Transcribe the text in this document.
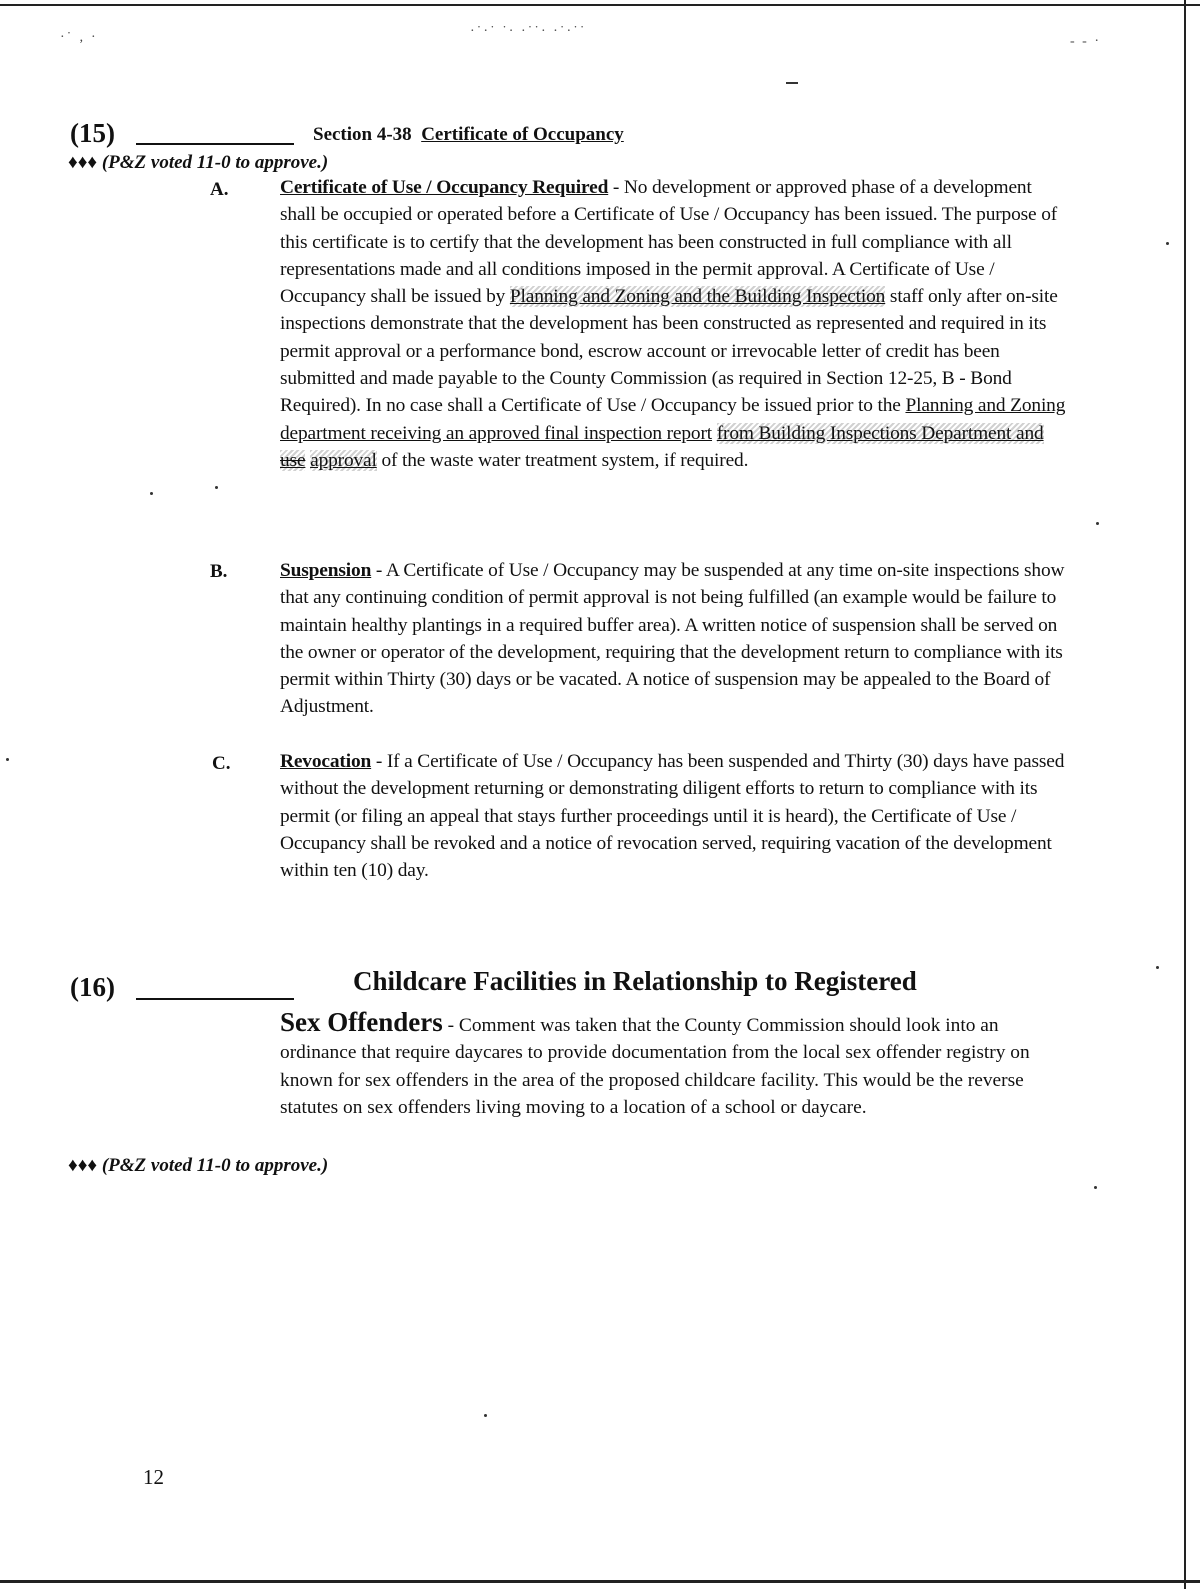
·˙ ‚ ·	·˙·˙ ˙· ·˙˙· ·˙·˙˙
‐ ‐ ·
(15)	Section 4-38 Certificate of Occupancy
♦♦♦ (P&Z voted 11-0 to approve.)
A.	Certificate of Use / Occupancy Required - No development or approved phase of a development shall be occupied or operated before a Certificate of Use / Occupancy has been issued. The purpose of this certificate is to certify that the development has been constructed in full compliance with all representations made and all conditions imposed in the permit approval. A Certificate of Use / Occupancy shall be issued by Planning and Zoning and the Building Inspection staff only after on-site inspections demonstrate that the development has been constructed as represented and required in its permit approval or a performance bond, escrow account or irrevocable letter of credit has been submitted and made payable to the County Commission (as required in Section 12-25, B - Bond Required). In no case shall a Certificate of Use / Occupancy be issued prior to the Planning and Zoning department receiving an approved final inspection report from Building Inspections Department and use approval of the waste water treatment system, if required.
B.	Suspension - A Certificate of Use / Occupancy may be suspended at any time on-site inspections show that any continuing condition of permit approval is not being fulfilled (an example would be failure to maintain healthy plantings in a required buffer area). A written notice of suspension shall be served on the owner or operator of the development, requiring that the development return to compliance with its permit within Thirty (30) days or be vacated. A notice of suspension may be appealed to the Board of Adjustment.
C.	Revocation - If a Certificate of Use / Occupancy has been suspended and Thirty (30) days have passed without the development returning or demonstrating diligent efforts to return to compliance with its permit (or filing an appeal that stays further proceedings until it is heard), the Certificate of Use / Occupancy shall be revoked and a notice of revocation served, requiring vacation of the development within ten (10) day.
(16)	Childcare Facilities in Relationship to Registered
Sex Offenders - Comment was taken that the County Commission should look into an ordinance that require daycares to provide documentation from the local sex offender registry on known for sex offenders in the area of the proposed childcare facility. This would be the reverse statutes on sex offenders living moving to a location of a school or daycare.
♦♦♦ (P&Z voted 11-0 to approve.)
12
